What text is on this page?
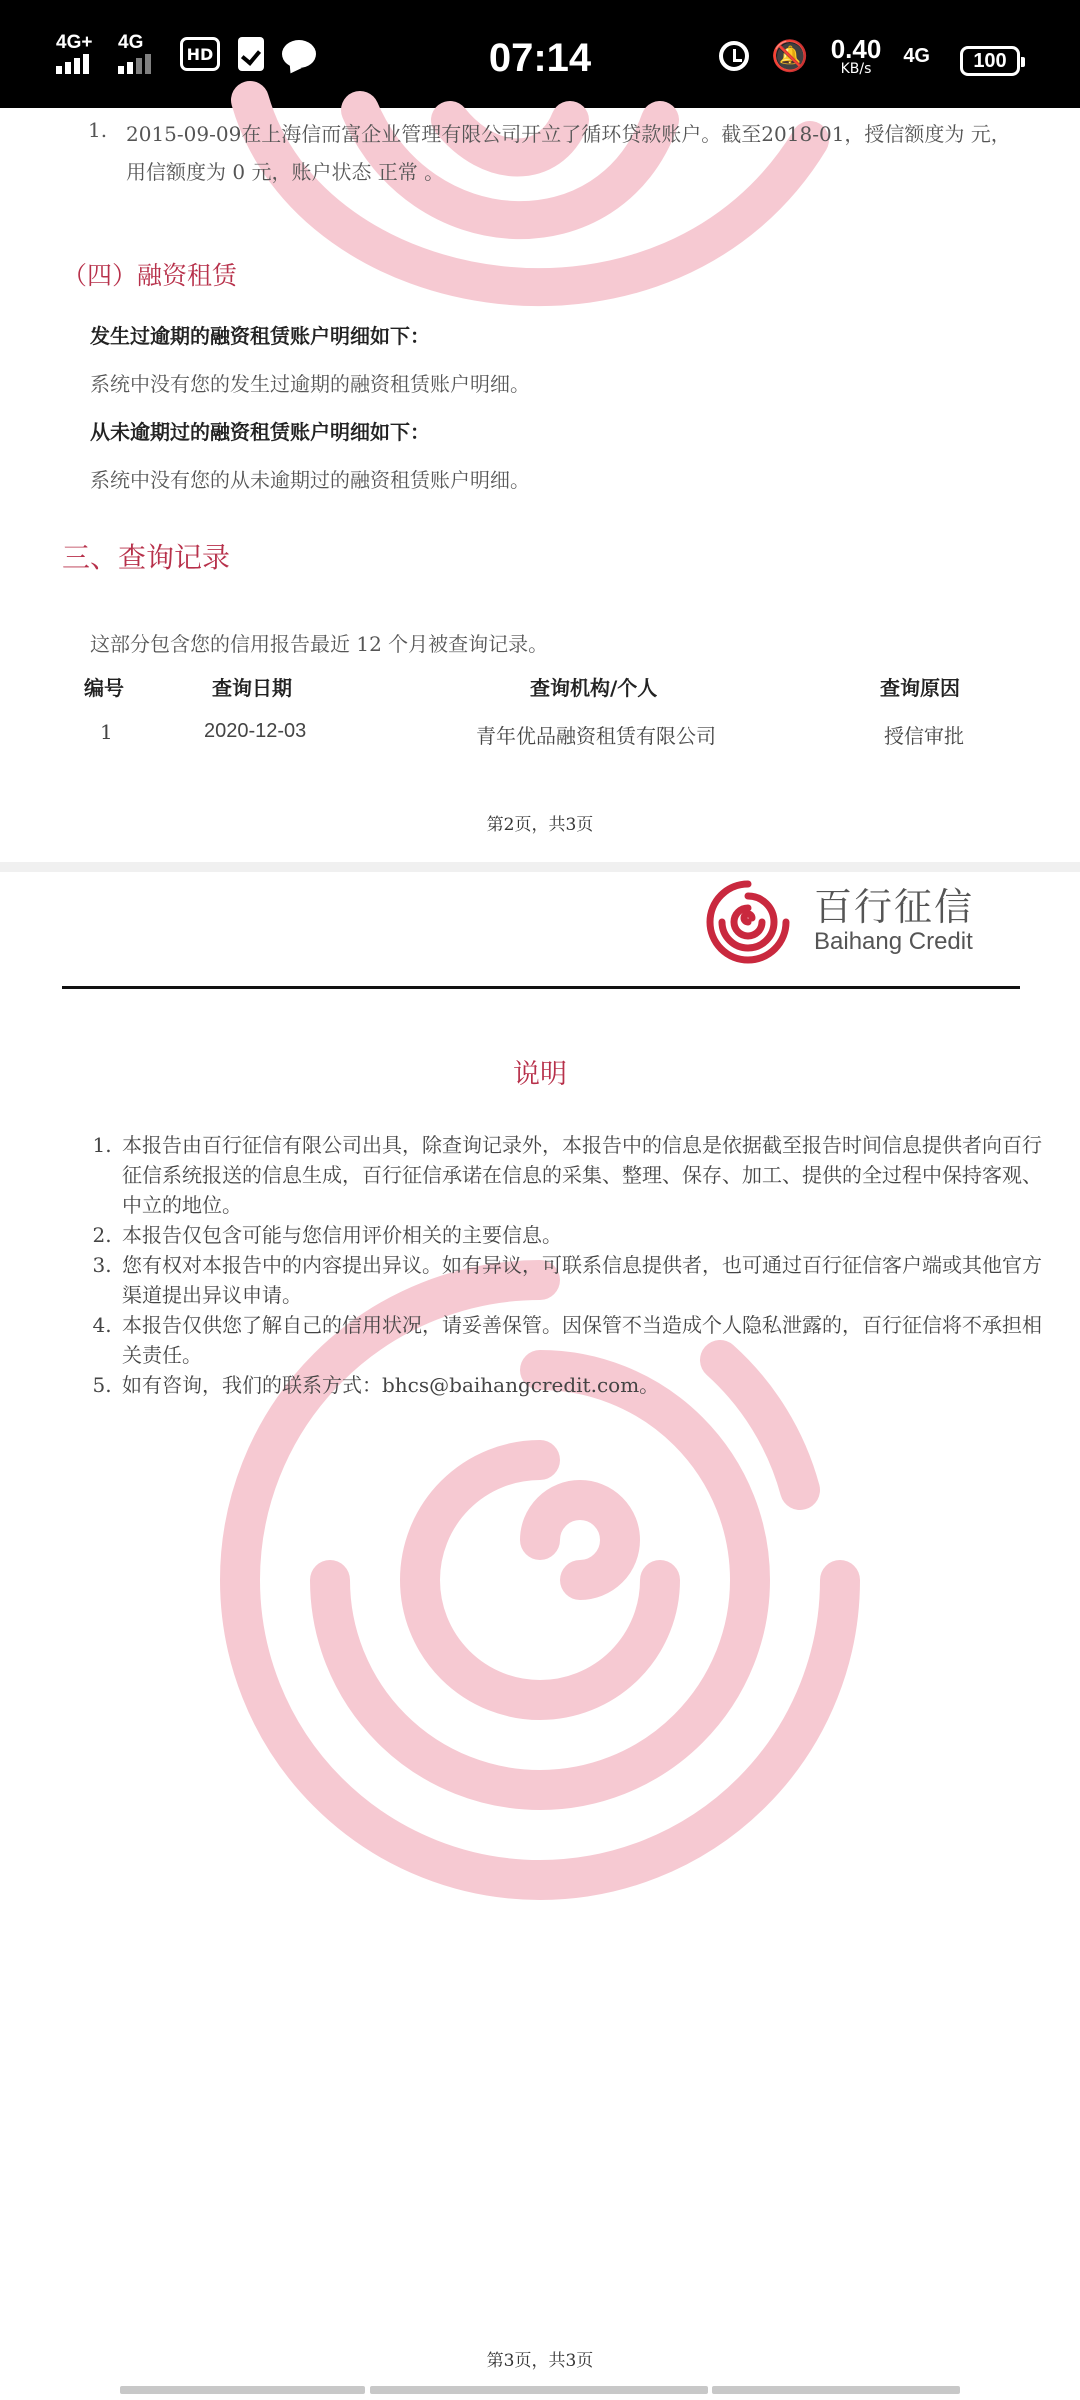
4G+ 4G
HD	07:14	🔕 0.40
KB/s
4G	100
1. 2015-09-09在上海信而富企业管理有限公司开立了循环贷款账户。截至2018-01，授信额度为 元，
用信额度为 0 元，账户状态 正常 。
（四）融资租赁
发生过逾期的融资租赁账户明细如下：
系统中没有您的发生过逾期的融资租赁账户明细。
从未逾期过的融资租赁账户明细如下：
系统中没有您的从未逾期过的融资租赁账户明细。
三、查询记录
这部分包含您的信用报告最近 12 个月被查询记录。
编号	查询日期	查询机构/个人	查询原因
1	2020-12-03	青年优品融资租赁有限公司	授信审批
第2页，共3页
百行征信
Baihang Credit
说明
1. 本报告由百行征信有限公司出具，除查询记录外，本报告中的信息是依据截至报告时间信息提供者向百行征信系统报送的信息生成，百行征信承诺在信息的采集、整理、保存、加工、提供的全过程中保持客观、中立的地位。
2. 本报告仅包含可能与您信用评价相关的主要信息。
3. 您有权对本报告中的内容提出异议。如有异议，可联系信息提供者，也可通过百行征信客户端或其他官方渠道提出异议申请。
4. 本报告仅供您了解自己的信用状况，请妥善保管。因保管不当造成个人隐私泄露的，百行征信将不承担相关责任。
5. 如有咨询，我们的联系方式：bhcs@baihangcredit.com。
第3页，共3页
